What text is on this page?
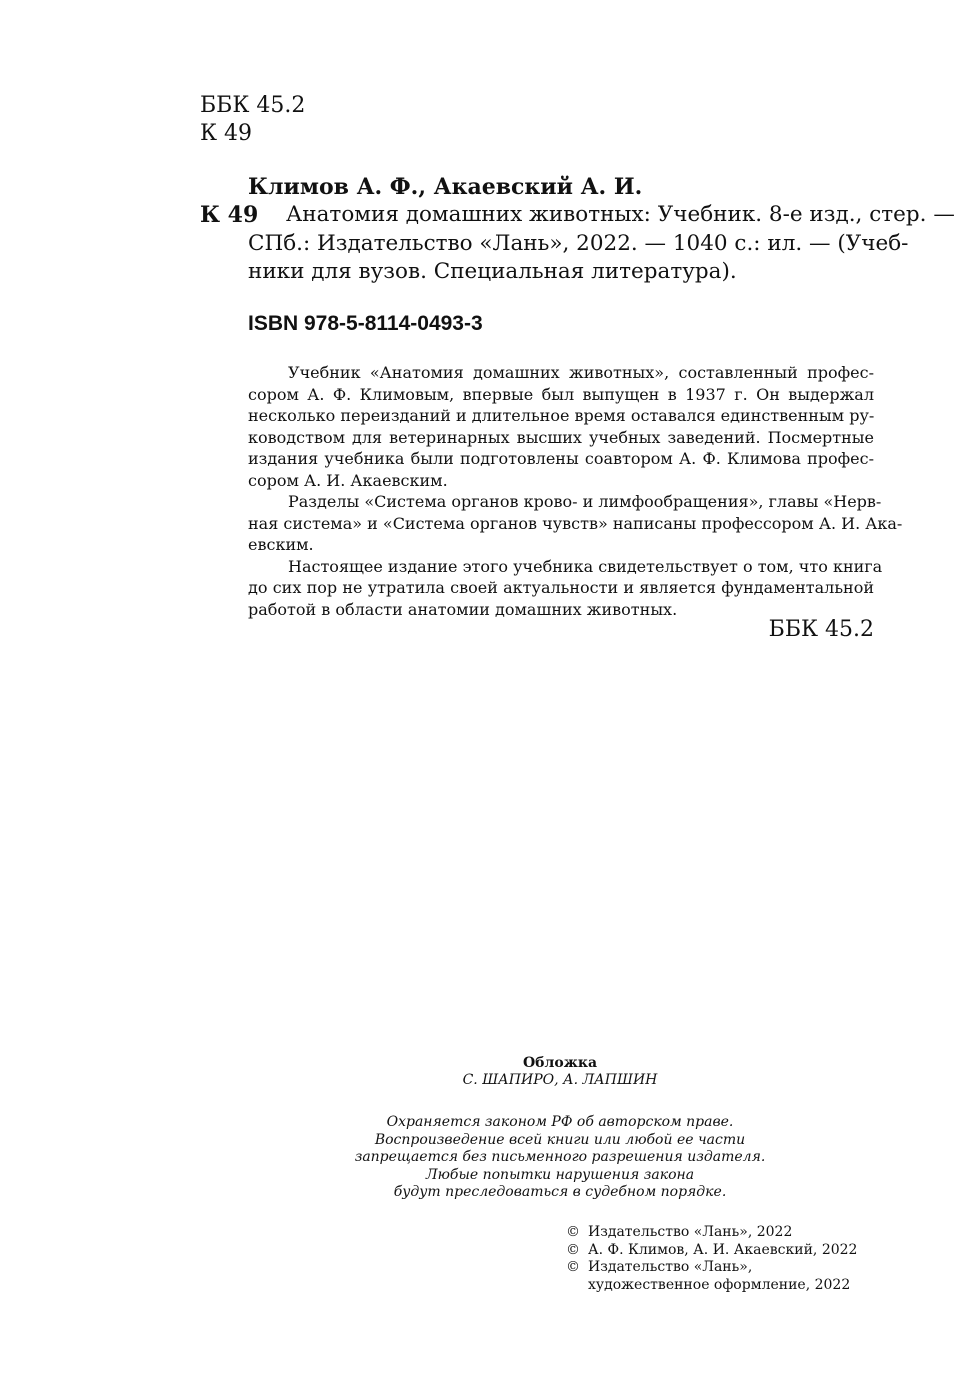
ББК 45.2
К 49
Климов А. Ф., Акаевский А. И.
К 49	Анатомия домашних животных: Учебник. 8-е изд., стер. —
СПб.: Издательство «Лань», 2022. — 1040 с.: ил. — (Учеб-
ники для вузов. Специальная литература).
ISBN 978-5-8114-0493-3
Учебник «Анатомия домашних животных», составленный профес-
сором А. Ф. Климовым, впервые был выпущен в 1937 г. Он выдержал
несколько переизданий и длительное время оставался единственным ру-
ководством для ветеринарных высших учебных заведений. Посмертные
издания учебника были подготовлены соавтором А. Ф. Климова профес-
сором А. И. Акаевским.
Разделы «Система органов крово- и лимфообращения», главы «Нерв-
ная система» и «Система органов чувств» написаны профессором А. И. Ака-
евским.
Настоящее издание этого учебника свидетельствует о том, что книга
до сих пор не утратила своей актуальности и является фундаментальной
работой в области анатомии домашних животных.
ББК 45.2
Обложка
С. ШАПИРО, А. ЛАПШИН
Охраняется законом РФ об авторском праве.
Воспроизведение всей книги или любой ее части
запрещается без письменного разрешения издателя.
Любые попытки нарушения закона
будут преследоваться в судебном порядке.
© Издательство «Лань», 2022
© А. Ф. Климов, А. И. Акаевский, 2022
© Издательство «Лань»,
художественное оформление, 2022
